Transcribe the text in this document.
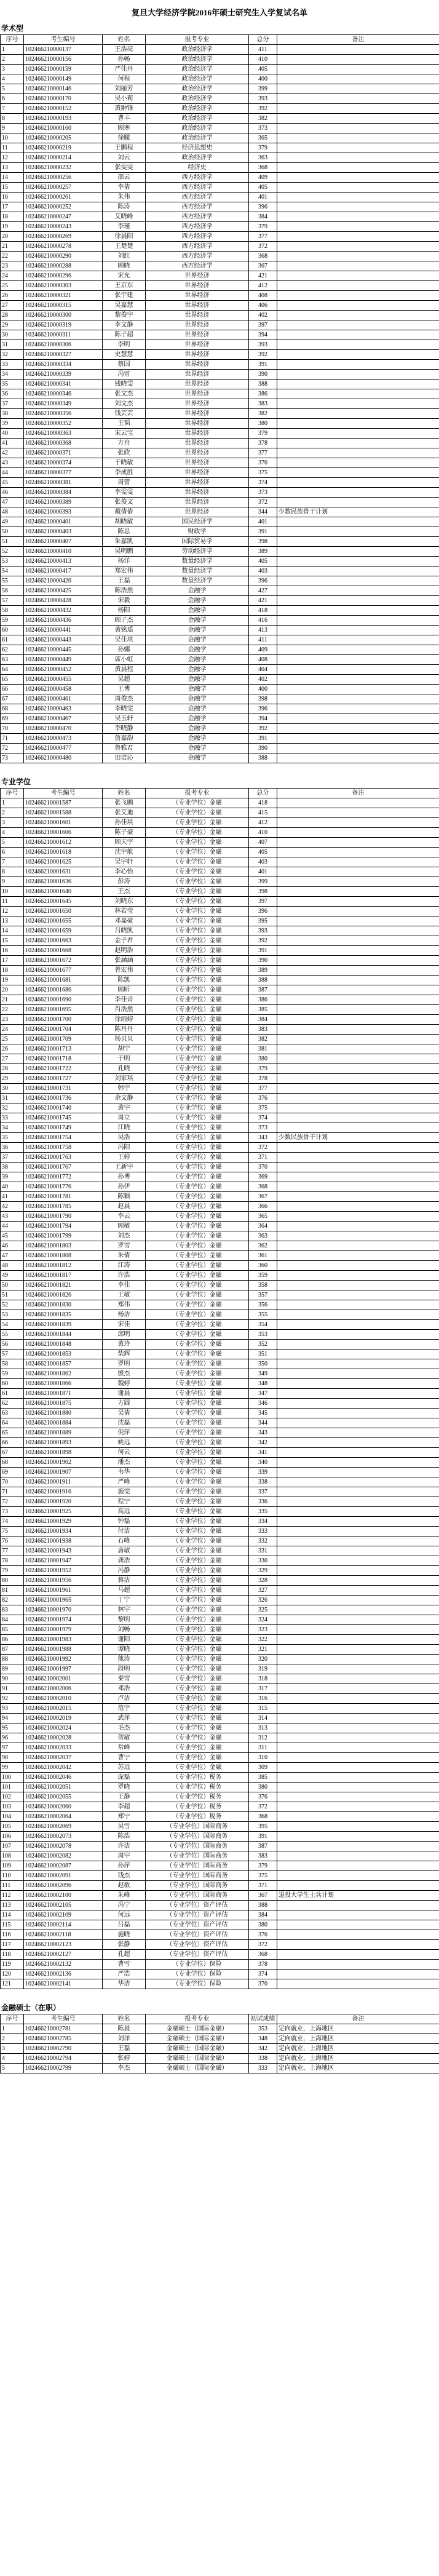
复旦大学经济学院2016年硕士研究生入学复试名单
学术型
序号	考生编号	姓名	报考专业	总分	备注
1	102466210000137	王浩亮	政治经济学	411	
2	102466210000156	孙畅	政治经济学	410	
3	102466210000159	严佳丹	政治经济学	405	
4	102466210000149	何程	政治经济学	400	
5	102466210000146	刘丽芳	政治经济学	399	
6	102466210000170	吴小莉	政治经济学	393	
7	102466210000152	黄翀锋	政治经济学	392	
8	102466210000193	曹丰	政治经济学	382	
9	102466210000160	顾寒	政治经济学	373	
10	102466210000205	徐朦	政治经济学	365	
11	102466210000219	王鹏程	经济思想史	379	
12	102466210000214	刘云	政治经济学	363	
13	102466210000232	张雯雯	经济史	368	
14	102466210000256	邵云	西方经济学	409	
15	102466210000257	李倩	西方经济学	405	
16	102466210000261	朱伟	西方经济学	401	
17	102466210000252	陈涛	西方经济学	396	
18	102466210000247	艾晓峰	西方经济学	384	
19	102466210000243	李瑾	西方经济学	379	
20	102466210000269	徐晨阳	西方经济学	377	
21	102466210000278	王楚楚	西方经济学	372	
22	102466210000290	刘红	西方经济学	368	
23	102466210000288	顾晓	西方经济学	367	
24	102466210000296	宋允	世界经济	421	
25	102466210000303	王京东	世界经济	412	
26	102466210000321	张宇建	世界经济	408	
27	102466210000315	吴嘉慧	世界经济	406	
28	102466210000300	黎俊宇	世界经济	402	
29	102466210000319	李文静	世界经济	397	
30	102466210000311	陈子超	世界经济	394	
31	102466210000306	李明	世界经济	393	
32	102466210000327	史慧慧	世界经济	392	
33	102466210000334	蔡国	世界经济	391	
34	102466210000339	冯雷	世界经济	390	
35	102466210000341	钱晓雯	世界经济	388	
36	102466210000346	张文杰	世界经济	386	
37	102466210000349	刘文杰	世界经济	383	
38	102466210000356	钱芸芸	世界经济	382	
39	102466210000352	王韬	世界经济	380	
40	102466210000363	宋云宝	世界经济	379	
41	102466210000368	方舟	世界经济	378	
42	102466210000371	张欣	世界经济	377	
43	102466210000374	于晓敏	世界经济	376	
44	102466210000377	李成胜	世界经济	375	
45	102466210000381	周蕾	世界经济	374	
46	102466210000384	李雯雯	世界经济	373	
47	102466210000389	张俊文	世界经济	372	
48	102466210000393	戴倩倩	世界经济	344	少数民族骨干计划
49	102466210000401	胡晓敏	国民经济学	401	
50	102466210000403	陈思	财政学	391	
51	102466210000407	朱嘉凯	国际贸易学	398	
52	102466210000410	吴明鹏	劳动经济学	389	
53	102466210000413	杨洋	数量经济学	405	
54	102466210000417	郑宏伟	数量经济学	403	
55	102466210000420	王磊	数量经济学	396	
56	102466210000425	陈浩然	金融学	427	
57	102466210000428	宋毅	金融学	421	
58	102466210000432	杨阳	金融学	418	
59	102466210000436	顾子杰	金融学	416	
60	102466210000441	黄铭瑶	金融学	413	
61	102466210000443	吴佳琪	金融学	411	
62	102466210000445	孙娜	金融学	409	
63	102466210000449	席小虹	金融学	408	
64	102466210000452	黄晨程	金融学	404	
65	102466210000455	吴超	金融学	402	
66	102466210000458	王博	金融学	400	
67	102466210000461	周俊杰	金融学	398	
68	102466210000463	李晓雯	金融学	396	
69	102466210000467	吴玉轩	金融学	394	
70	102466210000470	李晓静	金融学	392	
71	102466210000473	詹嘉韵	金融学	391	
72	102466210000477	鲁雅君	金融学	390	
73	102466210000480	田语沁	金融学	388	
专业学位
序号	考生编号	姓名	报考专业	总分	备注
1	102466210001587	张飞鹏	（专业学位）金融	418	
2	102466210001588	张艾迪	（专业学位）金融	415	
3	102466210001601	孙佳琪	（专业学位）金融	412	
4	102466210001606	陈子豪	（专业学位）金融	410	
5	102466210001612	顾天宇	（专业学位）金融	407	
6	102466210001618	沈宇航	（专业学位）金融	405	
7	102466210001625	吴宇轩	（专业学位）金融	403	
8	102466210001631	李心怡	（专业学位）金融	401	
9	102466210001636	彭涛	（专业学位）金融	399	
10	102466210001640	王杰	（专业学位）金融	398	
11	102466210001645	刘晓东	（专业学位）金融	397	
12	102466210001650	林若莹	（专业学位）金融	396	
13	102466210001655	邓嘉豪	（专业学位）金融	395	
14	102466210001659	吕晓凯	（专业学位）金融	393	
15	102466210001663	金子君	（专业学位）金融	392	
16	102466210001668	赵明浩	（专业学位）金融	391	
17	102466210001672	张涵涵	（专业学位）金融	390	
18	102466210001677	曾宏伟	（专业学位）金融	389	
19	102466210001681	陈凯	（专业学位）金融	388	
20	102466210001686	顾昕	（专业学位）金融	387	
21	102466210001690	李佳音	（专业学位）金融	386	
22	102466210001695	肖浩然	（专业学位）金融	385	
23	102466210001700	徐雨婷	（专业学位）金融	384	
24	102466210001704	陈丹丹	（专业学位）金融	383	
25	102466210001709	杨贝贝	（专业学位）金融	382	
26	102466210001713	胡宁	（专业学位）金融	381	
27	102466210001718	于明	（专业学位）金融	380	
28	102466210001722	孔晓	（专业学位）金融	379	
29	102466210001727	刘家琪	（专业学位）金融	378	
30	102466210001731	韩宇	（专业学位）金融	377	
31	102466210001736	余文静	（专业学位）金融	376	
32	102466210001740	黄宇	（专业学位）金融	375	
33	102466210001745	周立	（专业学位）金融	374	
34	102466210001749	江晓	（专业学位）金融	373	
35	102466210001754	吴浩	（专业学位）金融	343	少数民族骨干计划
36	102466210001758	冯阳	（专业学位）金融	372	
37	102466210001763	王婷	（专业学位）金融	371	
38	102466210001767	王新宇	（专业学位）金融	370	
39	102466210001772	孙博	（专业学位）金融	369	
40	102466210001776	孙伊	（专业学位）金融	368	
41	102466210001781	陈颖	（专业学位）金融	367	
42	102466210001785	赵晨	（专业学位）金融	366	
43	102466210001790	李云	（专业学位）金融	365	
44	102466210001794	顾敏	（专业学位）金融	364	
45	102466210001799	刘杰	（专业学位）金融	363	
46	102466210001803	罗雪	（专业学位）金融	362	
47	102466210001808	朱倩	（专业学位）金融	361	
48	102466210001812	江涛	（专业学位）金融	360	
49	102466210001817	许浩	（专业学位）金融	359	
50	102466210001821	李佳	（专业学位）金融	358	
51	102466210001826	王敏	（专业学位）金融	357	
52	102466210001830	郑伟	（专业学位）金融	356	
53	102466210001835	杨洁	（专业学位）金融	355	
54	102466210001839	宋佳	（专业学位）金融	354	
55	102466210001844	邱明	（专业学位）金融	353	
56	102466210001848	黄玲	（专业学位）金融	352	
57	102466210001853	柴辉	（专业学位）金融	351	
58	102466210001857	罗明	（专业学位）金融	350	
59	102466210001862	殷杰	（专业学位）金融	349	
60	102466210001866	魏婷	（专业学位）金融	348	
61	102466210001871	谢晨	（专业学位）金融	347	
62	102466210001875	方圆	（专业学位）金融	346	
63	102466210001880	吴倩	（专业学位）金融	345	
64	102466210001884	沈磊	（专业学位）金融	344	
65	102466210001889	倪萍	（专业学位）金融	343	
66	102466210001893	姚远	（专业学位）金融	342	
67	102466210001898	何云	（专业学位）金融	341	
68	102466210001902	潘杰	（专业学位）金融	340	
69	102466210001907	韦华	（专业学位）金融	339	
70	102466210001911	严峰	（专业学位）金融	338	
71	102466210001916	施雯	（专业学位）金融	337	
72	102466210001920	程宁	（专业学位）金融	336	
73	102466210001925	高远	（专业学位）金融	335	
74	102466210001929	钟磊	（专业学位）金融	334	
75	102466210001934	付洁	（专业学位）金融	333	
76	102466210001938	石峰	（专业学位）金融	332	
77	102466210001943	唐敏	（专业学位）金融	331	
78	102466210001947	龚浩	（专业学位）金融	330	
79	102466210001952	冯静	（专业学位）金融	329	
80	102466210001956	蒋洁	（专业学位）金融	328	
81	102466210001961	马超	（专业学位）金融	327	
82	102466210001965	丁宁	（专业学位）金融	326	
83	102466210001970	林宇	（专业学位）金融	325	
84	102466210001974	黎明	（专业学位）金融	324	
85	102466210001979	刘畅	（专业学位）金融	323	
86	102466210001983	谢阳	（专业学位）金融	322	
87	102466210001988	谭晓	（专业学位）金融	321	
88	102466210001992	熊涛	（专业学位）金融	320	
89	102466210001997	段明	（专业学位）金融	319	
90	102466210002001	秦雪	（专业学位）金融	318	
91	102466210002006	邓浩	（专业学位）金融	317	
92	102466210002010	卢洁	（专业学位）金融	316	
93	102466210002015	范宇	（专业学位）金融	315	
94	102466210002019	武萍	（专业学位）金融	314	
95	102466210002024	毛杰	（专业学位）金融	313	
96	102466210002028	贺敏	（专业学位）金融	312	
97	102466210002033	常峰	（专业学位）金融	311	
98	102466210002037	曹宁	（专业学位）金融	310	
99	102466210002042	苏远	（专业学位）金融	309	
100	102466210002046	庞磊	（专业学位）税务	385	
101	102466210002051	罗晓	（专业学位）税务	380	
102	102466210002055	王静	（专业学位）税务	376	
103	102466210002060	李超	（专业学位）税务	372	
104	102466210002064	郑宁	（专业学位）税务	368	
105	102466210002069	吴雪	（专业学位）国际商务	395	
106	102466210002073	陈浩	（专业学位）国际商务	391	
107	102466210002078	许洁	（专业学位）国际商务	387	
108	102466210002082	周宇	（专业学位）国际商务	383	
109	102466210002087	孙萍	（专业学位）国际商务	379	
110	102466210002091	钱杰	（专业学位）国际商务	375	
111	102466210002096	赵敏	（专业学位）国际商务	371	
112	102466210002100	朱峰	（专业学位）国际商务	367	退役大学生士兵计划
113	102466210002105	冯宁	（专业学位）资产评估	388	
114	102466210002109	何远	（专业学位）资产评估	384	
115	102466210002114	吕磊	（专业学位）资产评估	380	
116	102466210002118	施晓	（专业学位）资产评估	376	
117	102466210002123	张静	（专业学位）资产评估	372	
118	102466210002127	孔超	（专业学位）资产评估	368	
119	102466210002132	曹雪	（专业学位）保险	378	
120	102466210002136	严浩	（专业学位）保险	374	
121	102466210002141	华洁	（专业学位）保险	370	
金融硕士（在职）
序号	考生编号	姓名	报考专业	初试成绩	备注
1	102466210002781	陈晨	金融硕士（国际金融）	353	定向就业，上海地区
2	102466210002785	刘洋	金融硕士（国际金融）	348	定向就业，上海地区
3	102466210002790	王磊	金融硕士（国际金融）	342	定向就业，上海地区
4	102466210002794	张婷	金融硕士（国际金融）	338	定向就业，上海地区
5	102466210002799	李杰	金融硕士（国际金融）	333	定向就业，上海地区
